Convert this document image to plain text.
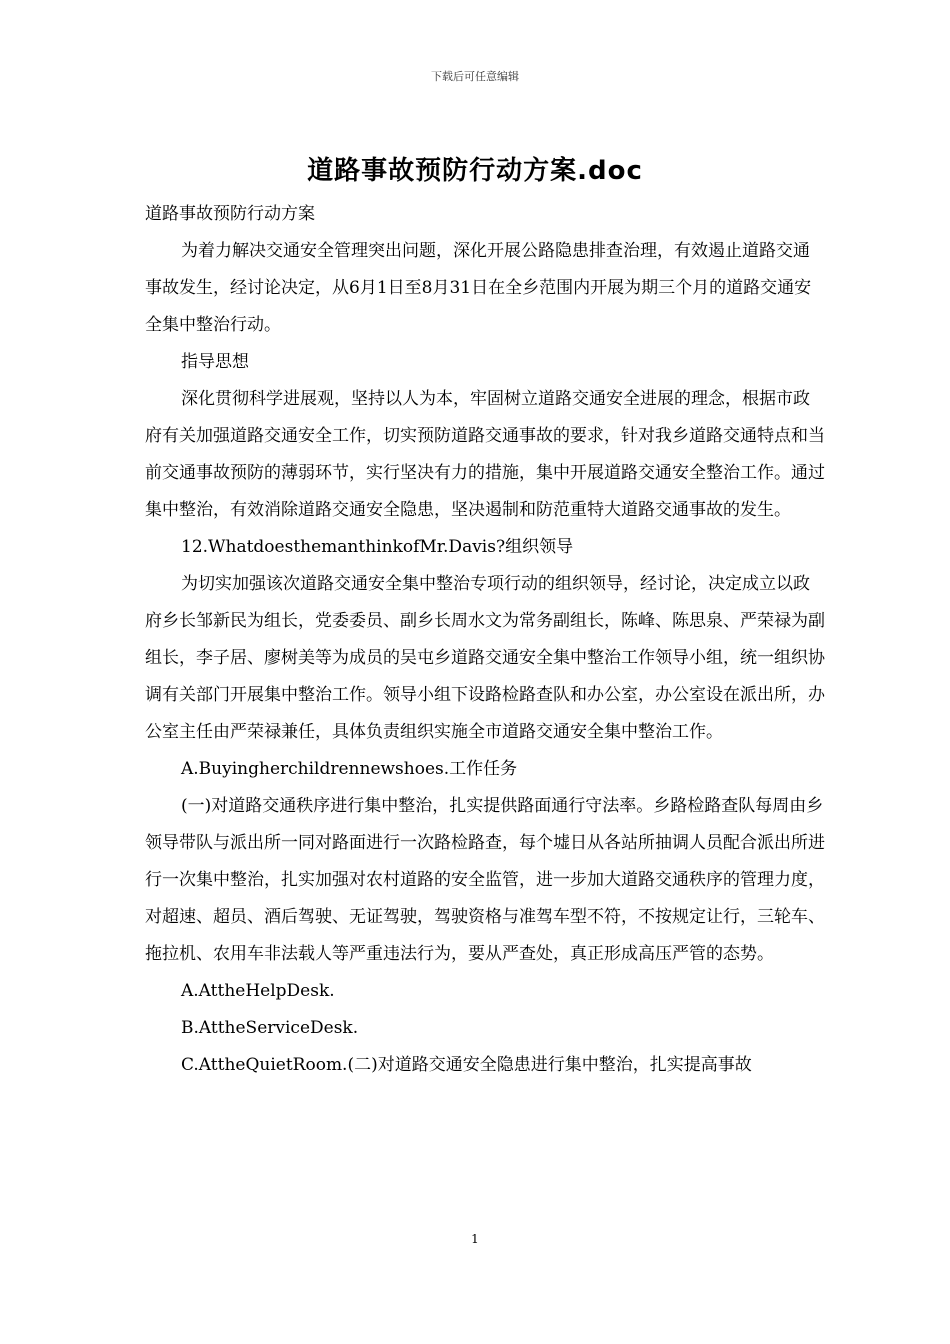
下载后可任意编辑
道路事故预防行动方案.doc

道路事故预防行动方案

为着力解决交通安全管理突出问题，深化开展公路隐患排查治理，有效遏止道路交通事故发生，经讨论决定，从6月1日至8月31日在全乡范围内开展为期三个月的道路交通安全集中整治行动。

指导思想

深化贯彻科学进展观，坚持以人为本，牢固树立道路交通安全进展的理念，根据市政府有关加强道路交通安全工作，切实预防道路交通事故的要求，针对我乡道路交通特点和当前交通事故预防的薄弱环节，实行坚决有力的措施，集中开展道路交通安全整治工作。通过集中整治，有效消除道路交通安全隐患，坚决遏制和防范重特大道路交通事故的发生。

12.WhatdoesthemanthinkofMr.Davis?组织领导

为切实加强该次道路交通安全集中整治专项行动的组织领导，经讨论，决定成立以政府乡长邹新民为组长，党委委员、副乡长周水文为常务副组长，陈峰、陈思泉、严荣禄为副组长，李子居、廖树美等为成员的吴屯乡道路交通安全集中整治工作领导小组，统一组织协调有关部门开展集中整治工作。领导小组下设路检路查队和办公室，办公室设在派出所，办公室主任由严荣禄兼任，具体负责组织实施全市道路交通安全集中整治工作。

A.Buyingherchildrennewshoes.工作任务

(一)对道路交通秩序进行集中整治，扎实提供路面通行守法率。乡路检路查队每周由乡领导带队与派出所一同对路面进行一次路检路查，每个墟日从各站所抽调人员配合派出所进行一次集中整治，扎实加强对农村道路的安全监管，进一步加大道路交通秩序的管理力度，对超速、超员、酒后驾驶、无证驾驶，驾驶资格与准驾车型不符，不按规定让行，三轮车、拖拉机、农用车非法载人等严重违法行为，要从严查处，真正形成高压严管的态势。

A.AttheHelpDesk.

B.AttheServiceDesk.

C.AttheQuietRoom.(二)对道路交通安全隐患进行集中整治，扎实提高事故

1
